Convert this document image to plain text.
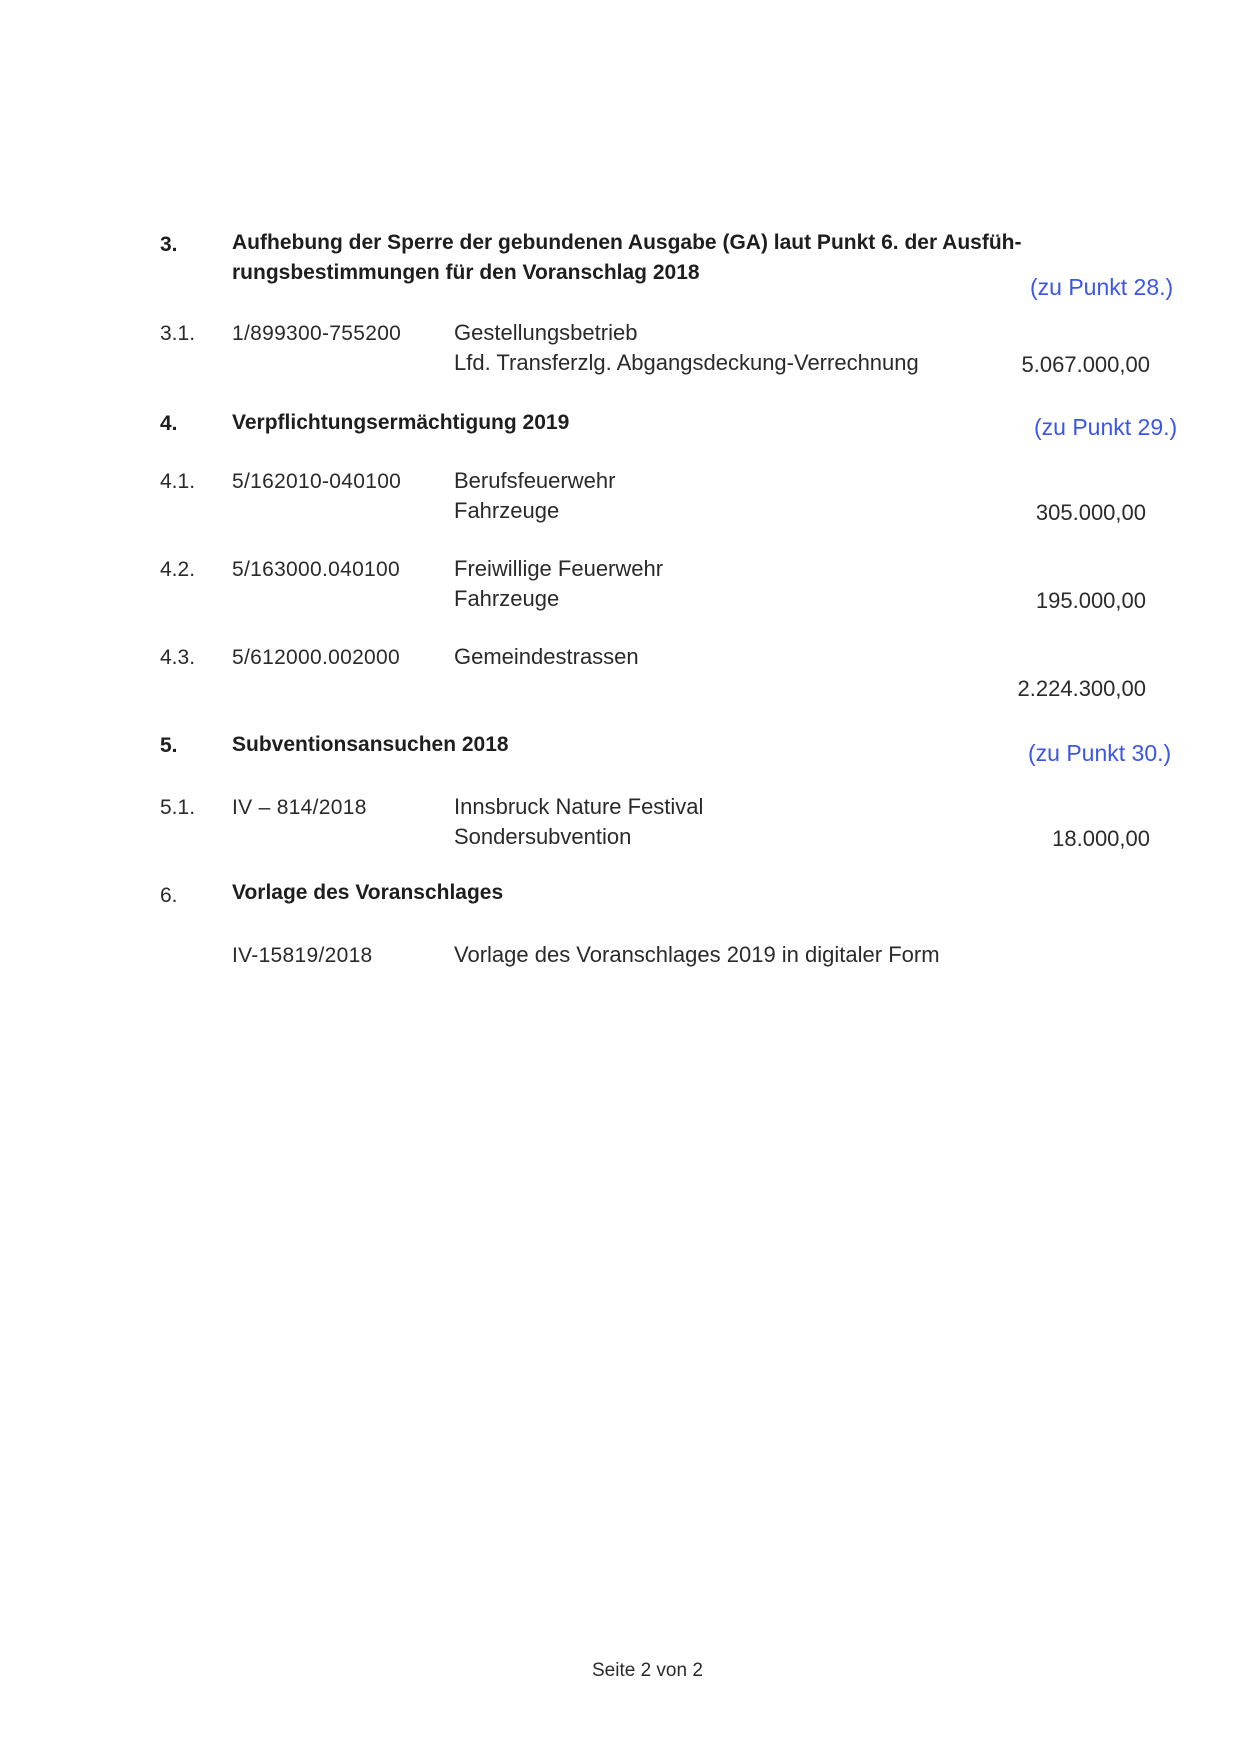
3.	Aufhebung der Sperre der gebundenen Ausgabe (GA) laut Punkt 6. der Ausfüh-
rungsbestimmungen für den Voranschlag 2018
(zu Punkt 28.)
3.1. 1/899300-755200 Gestellungsbetrieb
Lfd. Transferzlg. Abgangsdeckung-Verrechnung	5.067.000,00
4.	Verpflichtungsermächtigung 2019	(zu Punkt 29.)
4.1. 5/162010-040100 Berufsfeuerwehr
Fahrzeuge	305.000,00
4.2. 5/163000.040100 Freiwillige Feuerwehr
Fahrzeuge	195.000,00
4.3. 5/612000.002000 Gemeindestrassen
2.224.300,00
5.	Subventionsansuchen 2018	(zu Punkt 30.)
5.1. IV – 814/2018	Innsbruck Nature Festival
Sondersubvention	18.000,00
6.	Vorlage des Voranschlages
IV-15819/2018	Vorlage des Voranschlages 2019 in digitaler Form
Seite 2 von 2
